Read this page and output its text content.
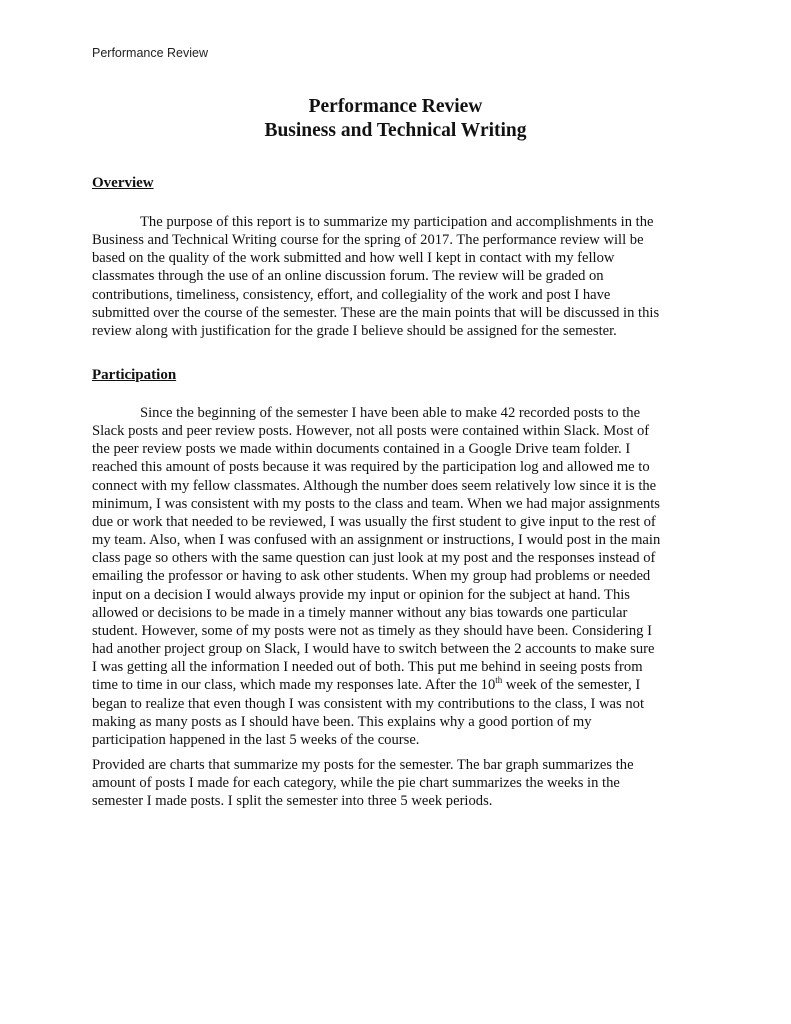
Performance Review
Performance Review
Business and Technical Writing
Overview
The purpose of this report is to summarize my participation and accomplishments in the
Business and Technical Writing course for the spring of 2017. The performance review will be
based on the quality of the work submitted and how well I kept in contact with my fellow
classmates through the use of an online discussion forum. The review will be graded on
contributions, timeliness, consistency, effort, and collegiality of the work and post I have
submitted over the course of the semester. These are the main points that will be discussed in this
review along with justification for the grade I believe should be assigned for the semester.
Participation
Since the beginning of the semester I have been able to make 42 recorded posts to the
Slack posts and peer review posts. However, not all posts were contained within Slack. Most of
the peer review posts we made within documents contained in a Google Drive team folder. I
reached this amount of posts because it was required by the participation log and allowed me to
connect with my fellow classmates. Although the number does seem relatively low since it is the
minimum, I was consistent with my posts to the class and team. When we had major assignments
due or work that needed to be reviewed, I was usually the first student to give input to the rest of
my team. Also, when I was confused with an assignment or instructions, I would post in the main
class page so others with the same question can just look at my post and the responses instead of
emailing the professor or having to ask other students. When my group had problems or needed
input on a decision I would always provide my input or opinion for the subject at hand. This
allowed or decisions to be made in a timely manner without any bias towards one particular
student. However, some of my posts were not as timely as they should have been. Considering I
had another project group on Slack, I would have to switch between the 2 accounts to make sure
I was getting all the information I needed out of both. This put me behind in seeing posts from
time to time in our class, which made my responses late. After the 10th week of the semester, I
began to realize that even though I was consistent with my contributions to the class, I was not
making as many posts as I should have been. This explains why a good portion of my
participation happened in the last 5 weeks of the course.
Provided are charts that summarize my posts for the semester. The bar graph summarizes the
amount of posts I made for each category, while the pie chart summarizes the weeks in the
semester I made posts. I split the semester into three 5 week periods.
